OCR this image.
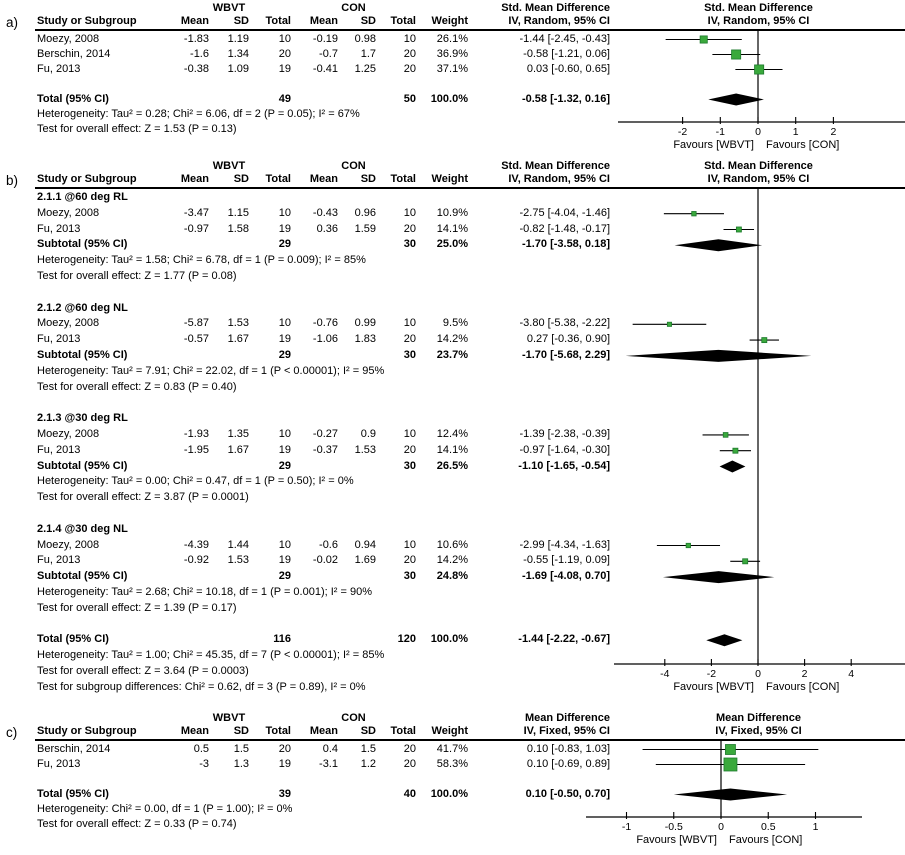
a)
WBVT	CON	Std. Mean Difference
Study or Subgroup	Mean	SD	Total	Mean	SD	Total	Weight	IV, Random, 95% CI
Moezy, 2008	-1.83	1.19	10	-0.19	0.98	10	26.1%	-1.44 [-2.45, -0.43]
Berschin, 2014	-1.6	1.34	20	-0.7	1.7	20	36.9%	-0.58 [-1.21, 0.06]
Fu, 2013	-0.38	1.09	19	-0.41	1.25	20	37.1%	0.03 [-0.60, 0.65]
Total (95% CI)	49	50	100.0%	-0.58 [-1.32, 0.16]
Heterogeneity: Tau² = 0.28; Chi² = 6.06, df = 2 (P = 0.05); I² = 67%
Test for overall effect: Z = 1.53 (P = 0.13)
Std. Mean Difference
IV, Random, 95% CI
-2	-1	0	1	2
Favours [WBVT] Favours [CON]
b)
WBVT	CON	Std. Mean Difference
Study or Subgroup	Mean	SD	Total	Mean	SD	Total	Weight	IV, Random, 95% CI
2.1.1 @60 deg RL
Moezy, 2008	-3.47	1.15	10	-0.43	0.96	10	10.9%	-2.75 [-4.04, -1.46]
Fu, 2013	-0.97	1.58	19	0.36	1.59	20	14.1%	-0.82 [-1.48, -0.17]
Subtotal (95% CI)	29	30	25.0%	-1.70 [-3.58, 0.18]
Heterogeneity: Tau² = 1.58; Chi² = 6.78, df = 1 (P = 0.009); I² = 85%
Test for overall effect: Z = 1.77 (P = 0.08)
2.1.2 @60 deg NL
Moezy, 2008	-5.87	1.53	10	-0.76	0.99	10	9.5%	-3.80 [-5.38, -2.22]
Fu, 2013	-0.57	1.67	19	-1.06	1.83	20	14.2%	0.27 [-0.36, 0.90]
Subtotal (95% CI)	29	30	23.7%	-1.70 [-5.68, 2.29]
Heterogeneity: Tau² = 7.91; Chi² = 22.02, df = 1 (P < 0.00001); I² = 95%
Test for overall effect: Z = 0.83 (P = 0.40)
2.1.3 @30 deg RL
Moezy, 2008	-1.93	1.35	10	-0.27	0.9	10	12.4%	-1.39 [-2.38, -0.39]
Fu, 2013	-1.95	1.67	19	-0.37	1.53	20	14.1%	-0.97 [-1.64, -0.30]
Subtotal (95% CI)	29	30	26.5%	-1.10 [-1.65, -0.54]
Heterogeneity: Tau² = 0.00; Chi² = 0.47, df = 1 (P = 0.50); I² = 0%
Test for overall effect: Z = 3.87 (P = 0.0001)
2.1.4 @30 deg NL
Moezy, 2008	-4.39	1.44	10	-0.6	0.94	10	10.6%	-2.99 [-4.34, -1.63]
Fu, 2013	-0.92	1.53	19	-0.02	1.69	20	14.2%	-0.55 [-1.19, 0.09]
Subtotal (95% CI)	29	30	24.8%	-1.69 [-4.08, 0.70]
Heterogeneity: Tau² = 2.68; Chi² = 10.18, df = 1 (P = 0.001); I² = 90%
Test for overall effect: Z = 1.39 (P = 0.17)
Total (95% CI)	116	120	100.0%	-1.44 [-2.22, -0.67]
Heterogeneity: Tau² = 1.00; Chi² = 45.35, df = 7 (P < 0.00001); I² = 85%
Test for overall effect: Z = 3.64 (P = 0.0003)
Test for subgroup differences: Chi² = 0.62, df = 3 (P = 0.89), I² = 0%
Std. Mean Difference
IV, Random, 95% CI
-4	-2	0	2	4
Favours [WBVT] Favours [CON]
c)
WBVT	CON	Mean Difference
Study or Subgroup	Mean	SD	Total	Mean	SD	Total	Weight	IV, Fixed, 95% CI
Berschin, 2014	0.5	1.5	20	0.4	1.5	20	41.7%	0.10 [-0.83, 1.03]
Fu, 2013	-3	1.3	19	-3.1	1.2	20	58.3%	0.10 [-0.69, 0.89]
Total (95% CI)	39	40	100.0%	0.10 [-0.50, 0.70]
Heterogeneity: Chi² = 0.00, df = 1 (P = 1.00); I² = 0%
Test for overall effect: Z = 0.33 (P = 0.74)
Mean Difference
IV, Fixed, 95% CI
-1	-0.5	0	0.5	1
Favours [WBVT] Favours [CON]
